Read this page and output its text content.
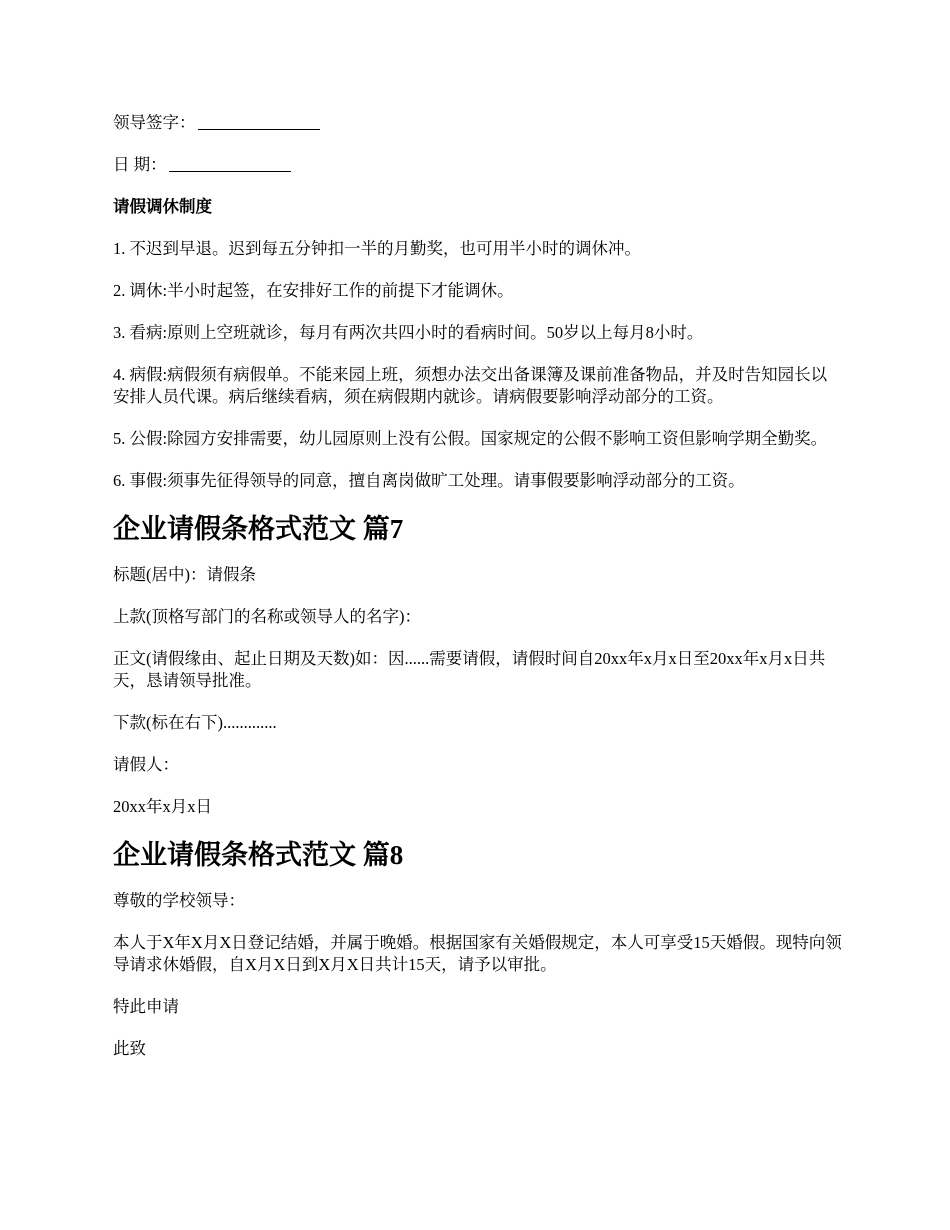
领导签字：

日 期：

请假调休制度

1. 不迟到早退。迟到每五分钟扣一半的月勤奖，也可用半小时的调休冲。

2. 调休:半小时起签，在安排好工作的前提下才能调休。

3. 看病:原则上空班就诊，每月有两次共四小时的看病时间。50岁以上每月8小时。

4. 病假:病假须有病假单。不能来园上班，须想办法交出备课簿及课前准备物品，并及时告知园长以安排人员代课。病后继续看病，须在病假期内就诊。请病假要影响浮动部分的工资。

5. 公假:除园方安排需要，幼儿园原则上没有公假。国家规定的公假不影响工资但影响学期全勤奖。

6. 事假:须事先征得领导的同意，擅自离岗做旷工处理。请事假要影响浮动部分的工资。

企业请假条格式范文 篇7

标题(居中)：请假条

上款(顶格写部门的名称或领导人的名字)：

正文(请假缘由、起止日期及天数)如：因......需要请假，请假时间自20xx年x月x日至20xx年x月x日共天，恳请领导批准。

下款(标在右下).............

请假人：

20xx年x月x日

企业请假条格式范文 篇8

尊敬的学校领导：

本人于X年X月X日登记结婚，并属于晚婚。根据国家有关婚假规定，本人可享受15天婚假。现特向领导请求休婚假，自X月X日到X月X日共计15天，请予以审批。

特此申请

此致
